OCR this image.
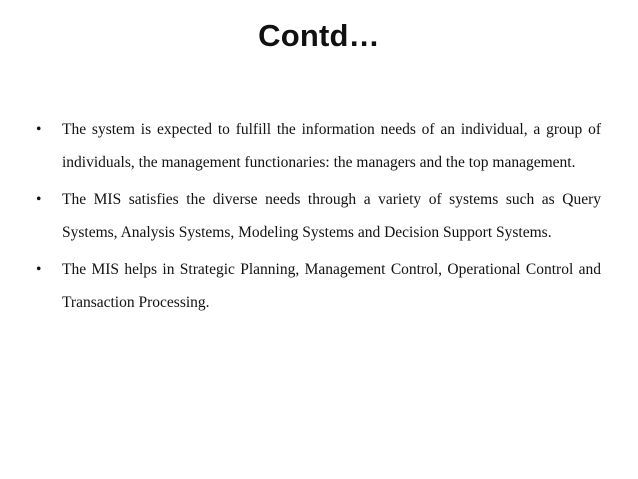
Contd…
• The system is expected to fulfill the information needs of an individual, a group of individuals, the management functionaries: the managers and the top management.
• The MIS satisfies the diverse needs through a variety of systems such as Query Systems, Analysis Systems, Modeling Systems and Decision Support Systems.
• The MIS helps in Strategic Planning, Management Control, Operational Control and Transaction Processing.
